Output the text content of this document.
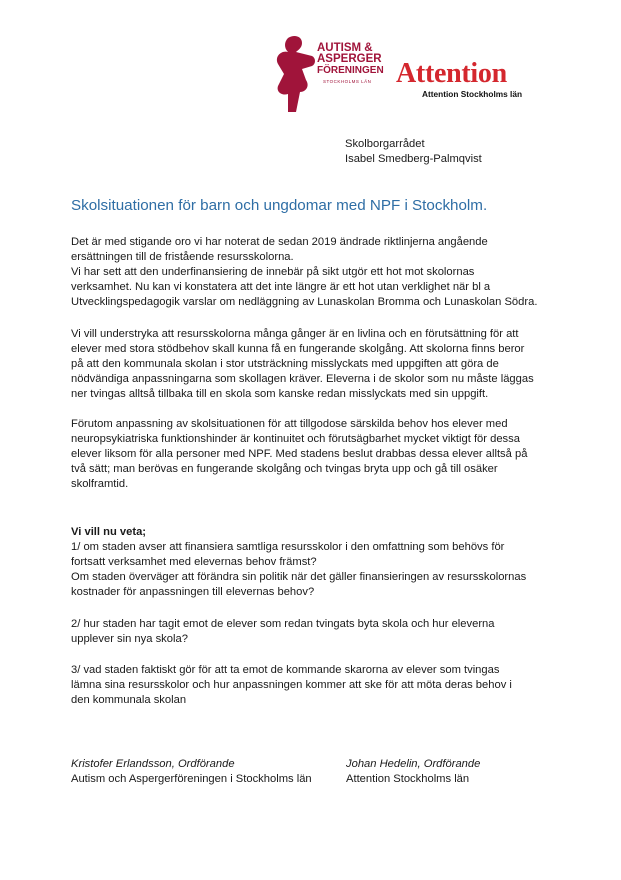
AUTISM &
ASPERGER
FÖRENINGEN
STOCKHOLMS LÄN Attention
Attention Stockholms län
Skolborgarrådet
Isabel Smedberg-Palmqvist
Skolsituationen för barn och ungdomar med NPF i Stockholm.
Det är med stigande oro vi har noterat de sedan 2019 ändrade riktlinjerna angående
ersättningen till de fristående resursskolorna.
Vi har sett att den underfinansiering de innebär på sikt utgör ett hot mot skolornas
verksamhet. Nu kan vi konstatera att det inte längre är ett hot utan verklighet när bl a
Utvecklingspedagogik varslar om nedläggning av Lunaskolan Bromma och Lunaskolan Södra.
Vi vill understryka att resursskolorna många gånger är en livlina och en förutsättning för att
elever med stora stödbehov skall kunna få en fungerande skolgång. Att skolorna finns beror
på att den kommunala skolan i stor utsträckning misslyckats med uppgiften att göra de
nödvändiga anpassningarna som skollagen kräver. Eleverna i de skolor som nu måste läggas
ner tvingas alltså tillbaka till en skola som kanske redan misslyckats med sin uppgift.
Förutom anpassning av skolsituationen för att tillgodose särskilda behov hos elever med
neuropsykiatriska funktionshinder är kontinuitet och förutsägbarhet mycket viktigt för dessa
elever liksom för alla personer med NPF. Med stadens beslut drabbas dessa elever alltså på
två sätt; man berövas en fungerande skolgång och tvingas bryta upp och gå till osäker
skolframtid.
Vi vill nu veta;
1/ om staden avser att finansiera samtliga resursskolor i den omfattning som behövs för
fortsatt verksamhet med elevernas behov främst?
Om staden överväger att förändra sin politik när det gäller finansieringen av resursskolornas
kostnader för anpassningen till elevernas behov?
2/ hur staden har tagit emot de elever som redan tvingats byta skola och hur eleverna
upplever sin nya skola?
3/ vad staden faktiskt gör för att ta emot de kommande skarorna av elever som tvingas
lämna sina resursskolor och hur anpassningen kommer att ske för att möta deras behov i
den kommunala skolan
Kristofer Erlandsson, Ordförande
Autism och Aspergerföreningen i Stockholms län
Johan Hedelin, Ordförande
Attention Stockholms län
